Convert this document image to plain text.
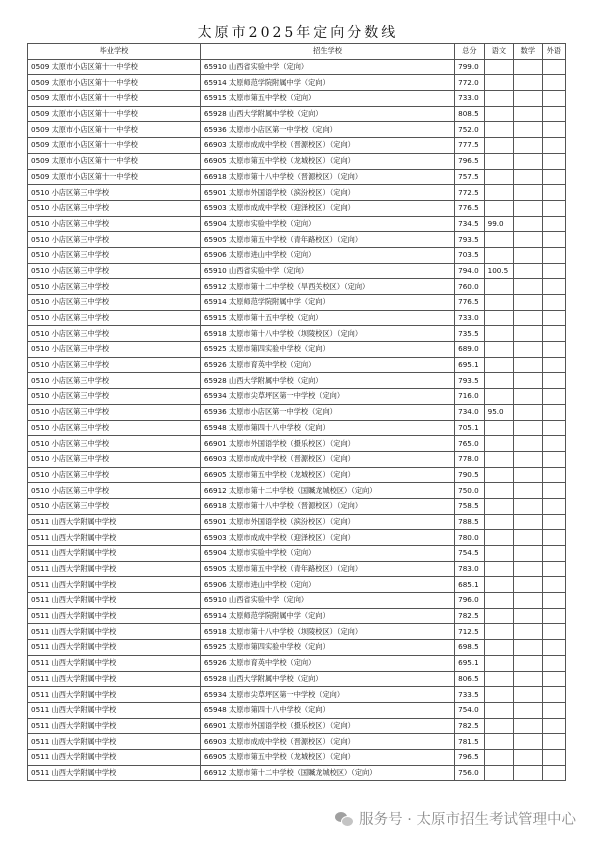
太原市2025年定向分数线
毕业学校	招生学校	总分	语文	数学	外语
0509 太原市小店区第十一中学校	65910 山西省实验中学（定向）	799.0			
0509 太原市小店区第十一中学校	65914 太原师范学院附属中学（定向）	772.0			
0509 太原市小店区第十一中学校	65915 太原市第五中学校（定向）	733.0			
0509 太原市小店区第十一中学校	65928 山西大学附属中学校（定向）	808.5			
0509 太原市小店区第十一中学校	65936 太原市小店区第一中学校（定向）	752.0			
0509 太原市小店区第十一中学校	66903 太原市成成中学校（晋源校区）（定向）	777.5			
0509 太原市小店区第十一中学校	66905 太原市第五中学校（龙城校区）（定向）	796.5			
0509 太原市小店区第十一中学校	66918 太原市第十八中学校（晋源校区）（定向）	757.5			
0510 小店区第三中学校	65901 太原市外国语学校（滨汾校区）（定向）	772.5			
0510 小店区第三中学校	65903 太原市成成中学校（迎泽校区）（定向）	776.5			
0510 小店区第三中学校	65904 太原市实验中学校（定向）	734.5	99.0		
0510 小店区第三中学校	65905 太原市第五中学校（青年路校区）（定向）	793.5			
0510 小店区第三中学校	65906 太原市进山中学校（定向）	703.5			
0510 小店区第三中学校	65910 山西省实验中学（定向）	794.0	100.5		
0510 小店区第三中学校	65912 太原市第十二中学校（旱西关校区）（定向）	760.0			
0510 小店区第三中学校	65914 太原师范学院附属中学（定向）	776.5			
0510 小店区第三中学校	65915 太原市第十五中学校（定向）	733.0			
0510 小店区第三中学校	65918 太原市第十八中学校（坝陵校区）（定向）	735.5			
0510 小店区第三中学校	65925 太原市第四实验中学校（定向）	689.0			
0510 小店区第三中学校	65926 太原市育英中学校（定向）	695.1			
0510 小店区第三中学校	65928 山西大学附属中学校（定向）	793.5			
0510 小店区第三中学校	65934 太原市尖草坪区第一中学校（定向）	716.0			
0510 小店区第三中学校	65936 太原市小店区第一中学校（定向）	734.0	95.0		
0510 小店区第三中学校	65948 太原市第四十八中学校（定向）	705.1			
0510 小店区第三中学校	66901 太原市外国语学校（摄乐校区）（定向）	765.0			
0510 小店区第三中学校	66903 太原市成成中学校（晋源校区）（定向）	778.0			
0510 小店区第三中学校	66905 太原市第五中学校（龙城校区）（定向）	790.5			
0510 小店区第三中学校	66912 太原市第十二中学校（国贓龙城校区）（定向）	750.0			
0510 小店区第三中学校	66918 太原市第十八中学校（晋源校区）（定向）	758.5			
0511 山西大学附属中学校	65901 太原市外国语学校（滨汾校区）（定向）	788.5			
0511 山西大学附属中学校	65903 太原市成成中学校（迎泽校区）（定向）	780.0			
0511 山西大学附属中学校	65904 太原市实验中学校（定向）	754.5			
0511 山西大学附属中学校	65905 太原市第五中学校（青年路校区）（定向）	783.0			
0511 山西大学附属中学校	65906 太原市进山中学校（定向）	685.1			
0511 山西大学附属中学校	65910 山西省实验中学（定向）	796.0			
0511 山西大学附属中学校	65914 太原师范学院附属中学（定向）	782.5			
0511 山西大学附属中学校	65918 太原市第十八中学校（坝陵校区）（定向）	712.5			
0511 山西大学附属中学校	65925 太原市第四实验中学校（定向）	698.5			
0511 山西大学附属中学校	65926 太原市育英中学校（定向）	695.1			
0511 山西大学附属中学校	65928 山西大学附属中学校（定向）	806.5			
0511 山西大学附属中学校	65934 太原市尖草坪区第一中学校（定向）	733.5			
0511 山西大学附属中学校	65948 太原市第四十八中学校（定向）	754.0			
0511 山西大学附属中学校	66901 太原市外国语学校（摄乐校区）（定向）	782.5			
0511 山西大学附属中学校	66903 太原市成成中学校（晋源校区）（定向）	781.5			
0511 山西大学附属中学校	66905 太原市第五中学校（龙城校区）（定向）	796.5			
0511 山西大学附属中学校	66912 太原市第十二中学校（国贓龙城校区）（定向）	756.0			
服务号 · 太原市招生考试管理中心
